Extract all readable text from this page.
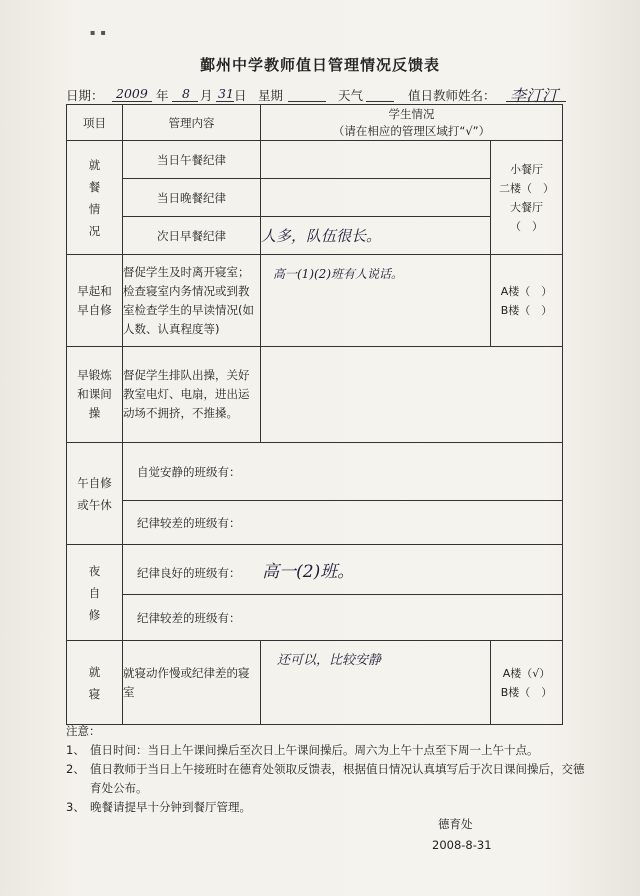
▪  ▪
鄞州中学教师值日管理情况反馈表
日期： 2009 年 8 月 31 日 星期	天气	值日教师姓名： 李汀汀
项目	管理内容	学生情况
（请在相应的管理区域打“√”）	

就餐情况	当日午餐纪律		小餐厅
二楼（　）
大餐厅
（　）

	当日晚餐纪律		
	次日早餐纪律	人多，队伍很长。	

早起和早自修	督促学生及时离开寝室；检查寝室内务情况或到教室检查学生的早读情况(如人数、认真程度等)	高一(1)(2)班有人说话。	A楼（　）
B楼（　）

早锻炼和课间操	督促学生排队出操，关好教室电灯、电扇，进出运动场不拥挤，不推搡。		

午自修或午休	自觉安静的班级有：		
	纪律较差的班级有：		

夜自修	纪律良好的班级有： 高一(2)班。		
	纪律较差的班级有：		

就寝	就寝动作慢或纪律差的寝室	还可以，比较安静	A楼（√）
B楼（　）
注意：
1、 值日时间：当日上午课间操后至次日上午课间操后。周六为上午十点至下周一上午十点。
2、 值日教师于当日上午接班时在德育处领取反馈表，根据值日情况认真填写后于次日课间操后，交德育处公布。
3、 晚餐请提早十分钟到餐厅管理。
德育处
2008-8-31
